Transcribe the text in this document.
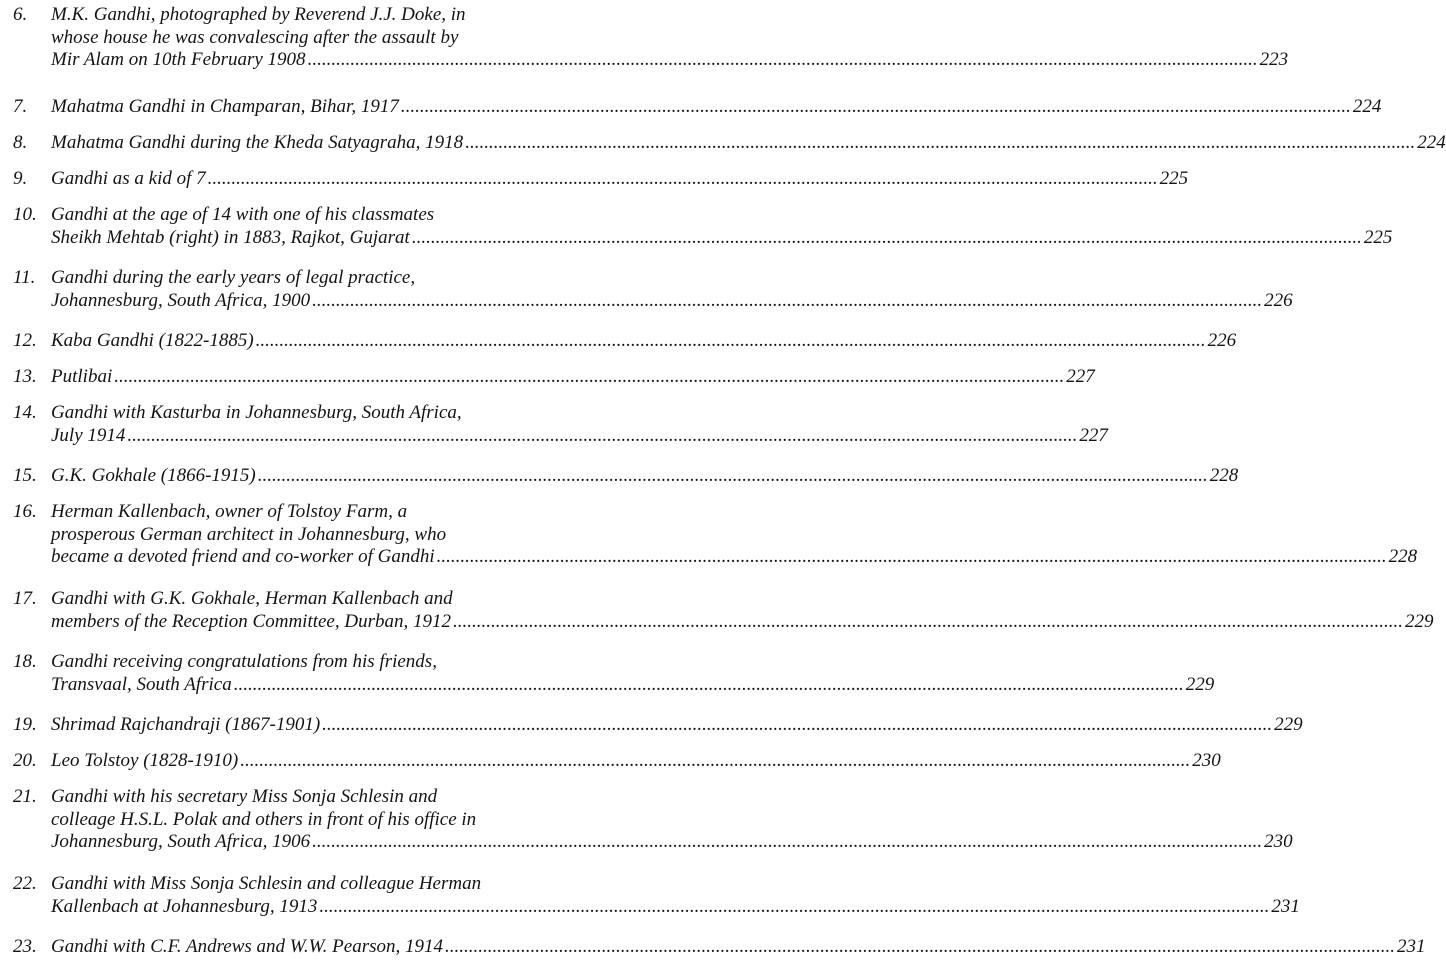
6.	M.K. Gandhi, photographed by Reverend J.J. Doke, in
whose house he was convalescing after the assault by
Mir Alam on 10th February 1908 ........................................................................................................................................................................................................ 223
7.	Mahatma Gandhi in Champaran, Bihar, 1917 ........................................................................................................................................................................................................ 224
8.	Mahatma Gandhi during the Kheda Satyagraha, 1918 ........................................................................................................................................................................................................ 224
9.	Gandhi as a kid of 7 ........................................................................................................................................................................................................ 225
10. Gandhi at the age of 14 with one of his classmates
Sheikh Mehtab (right) in 1883, Rajkot, Gujarat ........................................................................................................................................................................................................ 225
11. Gandhi during the early years of legal practice,
Johannesburg, South Africa, 1900 ........................................................................................................................................................................................................ 226
12. Kaba Gandhi (1822-1885) ........................................................................................................................................................................................................ 226
13. Putlibai ........................................................................................................................................................................................................ 227
14. Gandhi with Kasturba in Johannesburg, South Africa,
July 1914 ........................................................................................................................................................................................................ 227
15. G.K. Gokhale (1866-1915) ........................................................................................................................................................................................................ 228
16. Herman Kallenbach, owner of Tolstoy Farm, a
prosperous German architect in Johannesburg, who
became a devoted friend and co-worker of Gandhi ........................................................................................................................................................................................................ 228
17. Gandhi with G.K. Gokhale, Herman Kallenbach and
members of the Reception Committee, Durban, 1912 ........................................................................................................................................................................................................ 229
18. Gandhi receiving congratulations from his friends,
Transvaal, South Africa ........................................................................................................................................................................................................ 229
19. Shrimad Rajchandraji (1867-1901) ........................................................................................................................................................................................................ 229
20. Leo Tolstoy (1828-1910) ........................................................................................................................................................................................................ 230
21. Gandhi with his secretary Miss Sonja Schlesin and
colleage H.S.L. Polak and others in front of his office in
Johannesburg, South Africa, 1906 ........................................................................................................................................................................................................ 230
22. Gandhi with Miss Sonja Schlesin and colleague Herman
Kallenbach at Johannesburg, 1913 ........................................................................................................................................................................................................ 231
23. Gandhi with C.F. Andrews and W.W. Pearson, 1914 ........................................................................................................................................................................................................ 231
